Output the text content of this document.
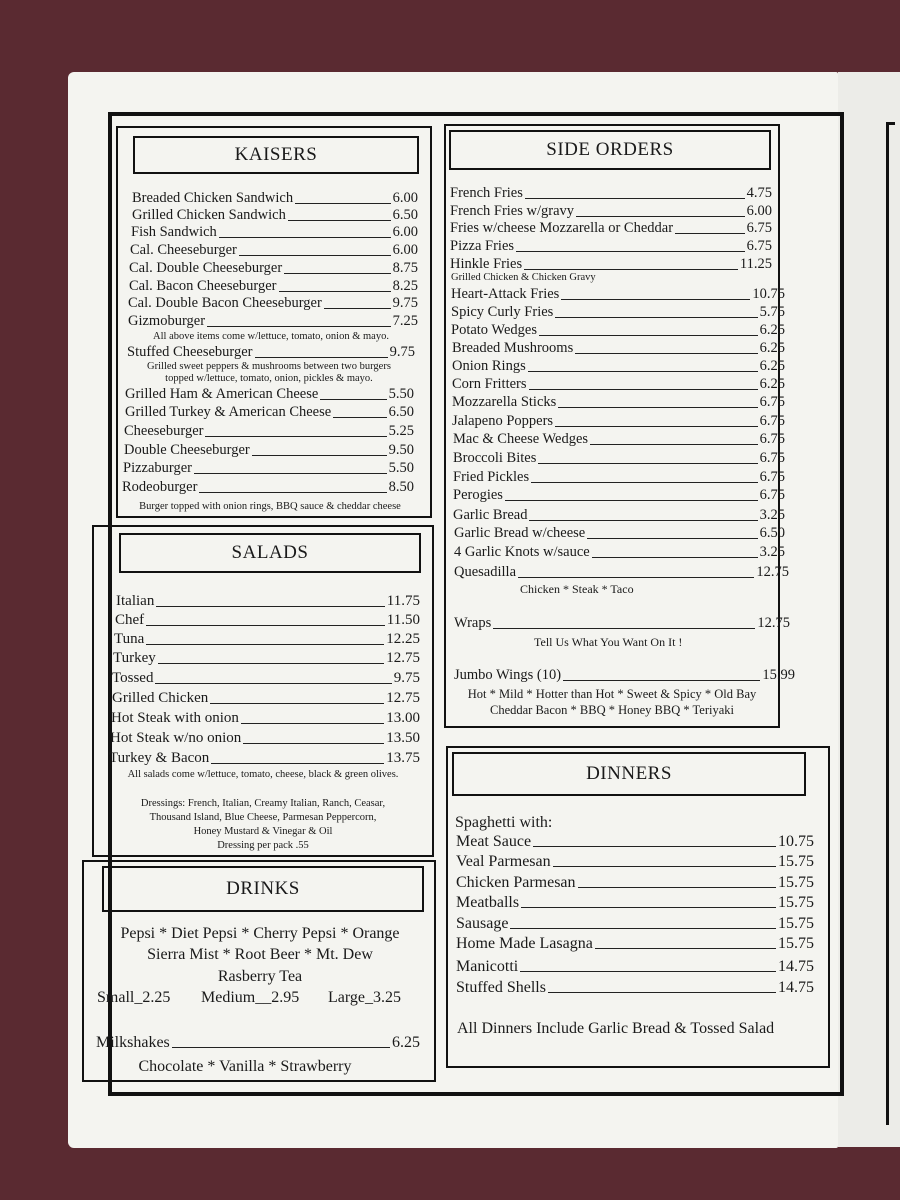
KAISERS
Breaded Chicken Sandwich	6.00
Grilled Chicken Sandwich	6.50
Fish Sandwich	6.00
Cal. Cheeseburger	6.00
Cal. Double Cheeseburger	8.75
Cal. Bacon Cheeseburger	8.25
Cal. Double Bacon Cheeseburger	9.75
Gizmoburger	7.25
All above items come w/lettuce, tomato, onion & mayo.
Stuffed Cheeseburger	9.75
Grilled sweet peppers & mushrooms between two burgers
topped w/lettuce, tomato, onion, pickles & mayo.
Grilled Ham & American Cheese	5.50
Grilled Turkey & American Cheese	6.50
Cheeseburger	5.25
Double Cheeseburger	9.50
Pizzaburger	5.50
Rodeoburger	8.50
Burger topped with onion rings, BBQ sauce & cheddar cheese
SALADS
Italian	11.75
Chef	11.50
Tuna	12.25
Turkey	12.75
Tossed	9.75
Grilled Chicken	12.75
Hot Steak with onion	13.00
Hot Steak w/no onion	13.50
Turkey & Bacon	13.75
All salads come w/lettuce, tomato, cheese, black & green olives.
Dressings: French, Italian, Creamy Italian, Ranch, Ceasar,
Thousand Island, Blue Cheese, Parmesan Peppercorn,
Honey Mustard & Vinegar & Oil
Dressing per pack .55
DRINKS
Pepsi * Diet Pepsi * Cherry Pepsi * Orange
Sierra Mist * Root Beer * Mt. Dew
Rasberry Tea
Small_2.25 Medium__2.95 Large_3.25
Milkshakes	6.25
Chocolate * Vanilla * Strawberry
SIDE ORDERS
French Fries	4.75
French Fries w/gravy	6.00
Fries w/cheese Mozzarella or Cheddar	6.75
Pizza Fries	6.75
Hinkle Fries	11.25
Heart-Attack Fries	10.75
Spicy Curly Fries	5.75
Potato Wedges	6.25
Breaded Mushrooms	6.25
Onion Rings	6.25
Corn Fritters	6.25
Mozzarella Sticks	6.75
Jalapeno Poppers	6.75
Mac & Cheese Wedges	6.75
Broccoli Bites	6.75
Fried Pickles	6.75
Perogies	6.75
Garlic Bread	3.25
Garlic Bread w/cheese	6.50
4 Garlic Knots w/sauce	3.25
Quesadilla	12.75
Grilled Chicken & Chicken Gravy
Chicken * Steak * Taco
Wraps	12.75
Tell Us What You Want On It !
Jumbo Wings (10)	15.99
Hot * Mild * Hotter than Hot * Sweet & Spicy * Old Bay
Cheddar Bacon * BBQ * Honey BBQ * Teriyaki
DINNERS
Spaghetti with:
Meat Sauce	10.75
Veal Parmesan	15.75
Chicken Parmesan	15.75
Meatballs	15.75
Sausage	15.75
Home Made Lasagna	15.75
Manicotti	14.75
Stuffed Shells	14.75
All Dinners Include Garlic Bread & Tossed Salad
